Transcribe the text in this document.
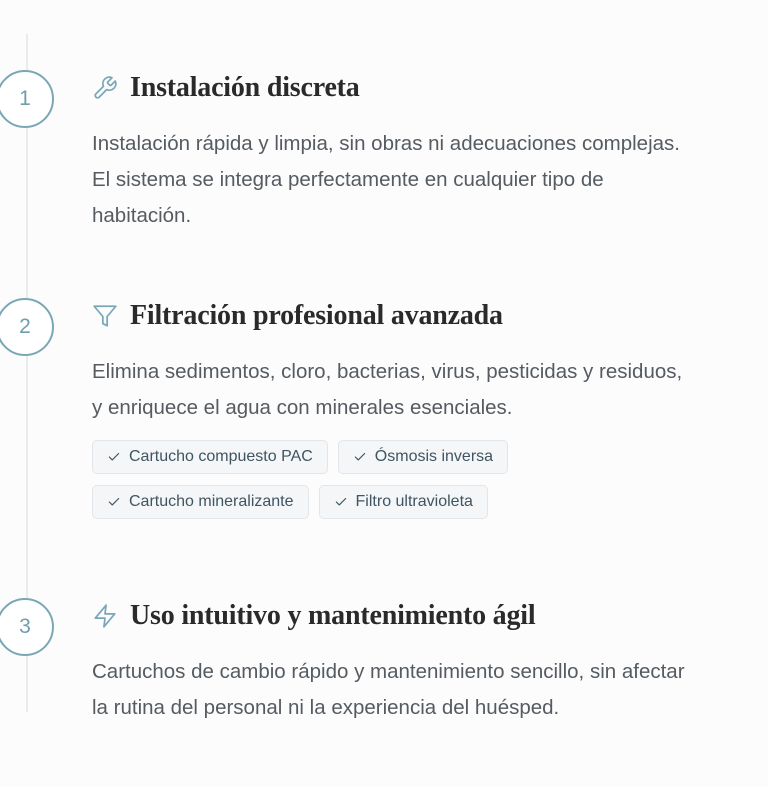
1	Instalación discreta
Instalación rápida y limpia, sin obras ni adecuaciones complejas.
El sistema se integra perfectamente en cualquier tipo de
habitación.
2	Filtración profesional avanzada
Elimina sedimentos, cloro, bacterias, virus, pesticidas y residuos,
y enriquece el agua con minerales esenciales.
Cartucho compuesto PAC	Ósmosis inversa
Cartucho mineralizante	Filtro ultravioleta
3	Uso intuitivo y mantenimiento ágil
Cartuchos de cambio rápido y mantenimiento sencillo, sin afectar
la rutina del personal ni la experiencia del huésped.
